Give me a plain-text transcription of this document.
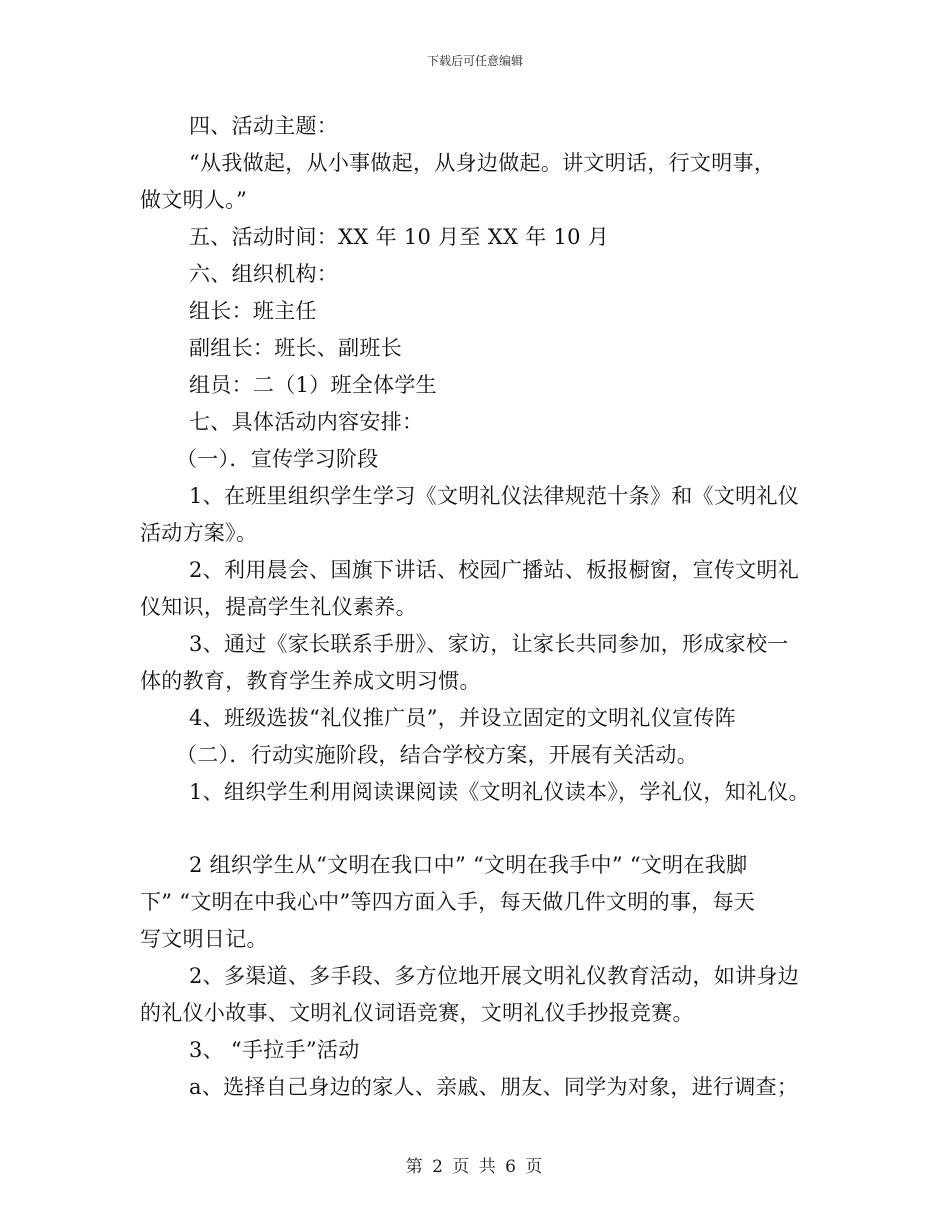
下载后可任意编辑

四、活动主题：

“从我做起，从小事做起，从身边做起。讲文明话，行文明事，

做文明人。”

五、活动时间：XX 年 10 月至 XX 年 10 月

六、组织机构：

组长：班主任

副组长：班长、副班长

组员：二（1）班全体学生

七、具体活动内容安排：

（一）．宣传学习阶段

1、在班里组织学生学习《文明礼仪法律规范十条》和《文明礼仪

活动方案》。

2、利用晨会、国旗下讲话、校园广播站、板报橱窗，宣传文明礼

仪知识，提高学生礼仪素养。

3、通过《家长联系手册》、家访，让家长共同参加，形成家校一

体的教育，教育学生养成文明习惯。

4、班级选拔“礼仪推广员”，并设立固定的文明礼仪宣传阵

（二）．行动实施阶段，结合学校方案，开展有关活动。

1、组织学生利用阅读课阅读《文明礼仪读本》，学礼仪，知礼仪。

2 组织学生从“文明在我口中” “文明在我手中” “文明在我脚

下” “文明在中我心中”等四方面入手，每天做几件文明的事，每天

写文明日记。

2、多渠道、多手段、多方位地开展文明礼仪教育活动，如讲身边

的礼仪小故事、文明礼仪词语竞赛，文明礼仪手抄报竞赛。

3、 “手拉手”活动

a、选择自己身边的家人、亲戚、朋友、同学为对象，进行调查；

第 2 页 共 6 页
